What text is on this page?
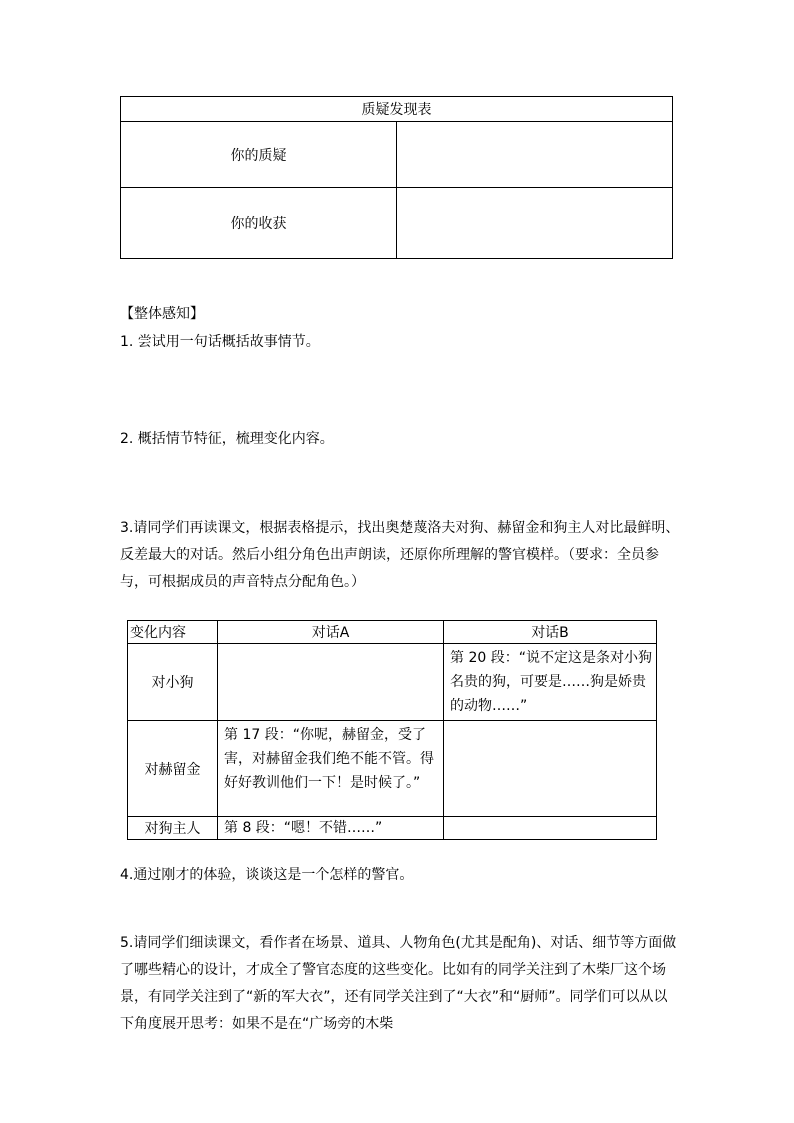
质疑发现表	
你的质疑	
你的收获	
【整体感知】
1. 尝试用一句话概括故事情节。
2. 概括情节特征，梳理变化内容。
3.请同学们再读课文，根据表格提示，找出奥楚蔑洛夫对狗、赫留金和狗主人对比最鲜明、反差最大的对话。然后小组分角色出声朗读，还原你所理解的警官模样。（要求：全员参与，可根据成员的声音特点分配角色。）
变化内容	对话A	对话B
对小狗		第 20 段：“说不定这是条对小狗名贵的狗，可要是……狗是娇贵的动物……”
对赫留金	第 17 段：“你呢，赫留金，受了害，对赫留金我们绝不能不管。得好好教训他们一下！是时候了。”	
对狗主人	第 8 段：“嗯！不错……”	
4.通过刚才的体验，谈谈这是一个怎样的警官。
5.请同学们细读课文，看作者在场景、道具、人物角色(尤其是配角)、对话、细节等方面做了哪些精心的设计，才成全了警官态度的这些变化。比如有的同学关注到了木柴厂这个场景，有同学关注到了“新的军大衣”，还有同学关注到了“大衣”和“厨师”。同学们可以从以下角度展开思考：如果不是在“广场旁的木柴
